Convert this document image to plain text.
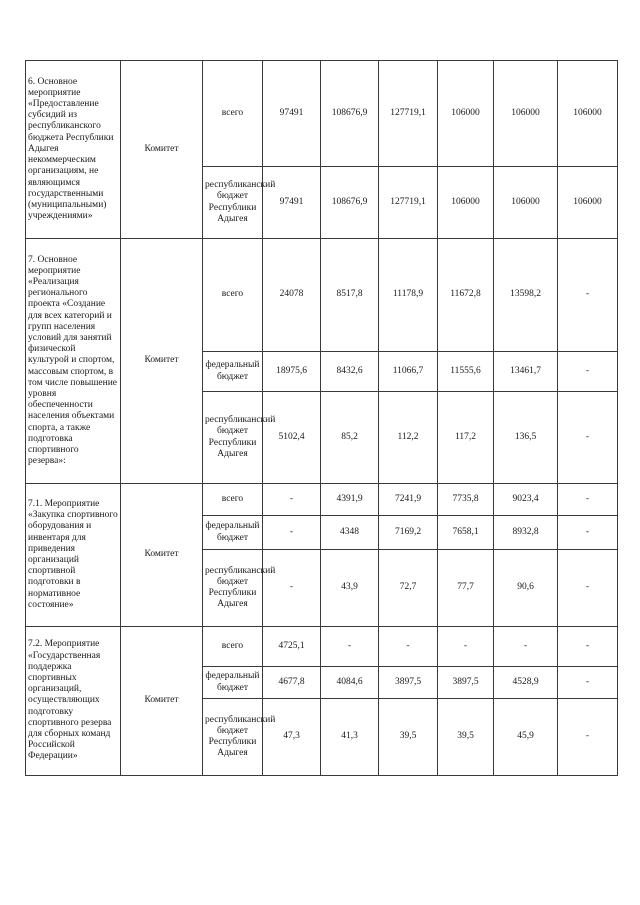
6. Основное мероприятие «Предоставление субсидий из республиканского бюджета Республики Адыгея некоммерческим организациям, не являющимся государственными (муниципальными) учреждениями»	Комитет	всего	97491	108676,9	127719,1	106000	106000	106000
		республиканский бюджет Республики Адыгея	97491	108676,9	127719,1	106000	106000	106000
7. Основное мероприятие «Реализация регионального проекта «Создание для всех категорий и групп населения условий для занятий физической культурой и спортом, массовым спортом, в том числе повышение уровня обеспеченности населения объектами спорта, а также подготовка спортивного резерва»:	Комитет	всего	24078	8517,8	11178,9	11672,8	13598,2	-
		федеральный бюджет	18975,6	8432,6	11066,7	11555,6	13461,7	-
		республиканский бюджет Республики Адыгея	5102,4	85,2	112,2	117,2	136,5	-
7.1. Мероприятие «Закупка спортивного оборудования и инвентаря для приведения организаций спортивной подготовки в нормативное состояние»	Комитет	всего	-	4391,9	7241,9	7735,8	9023,4	-
		федеральный бюджет	-	4348	7169,2	7658,1	8932,8	-
		республиканский бюджет Республики Адыгея	-	43,9	72,7	77,7	90,6	-
7.2. Мероприятие «Государственная поддержка спортивных организаций, осуществляющих подготовку спортивного резерва для сборных команд Российской Федерации»	Комитет	всего	4725,1	-	-	-	-	-
		федеральный бюджет	4677,8	4084,6	3897,5	3897,5	4528,9	-
		республиканский бюджет Республики Адыгея	47,3	41,3	39,5	39,5	45,9	-
